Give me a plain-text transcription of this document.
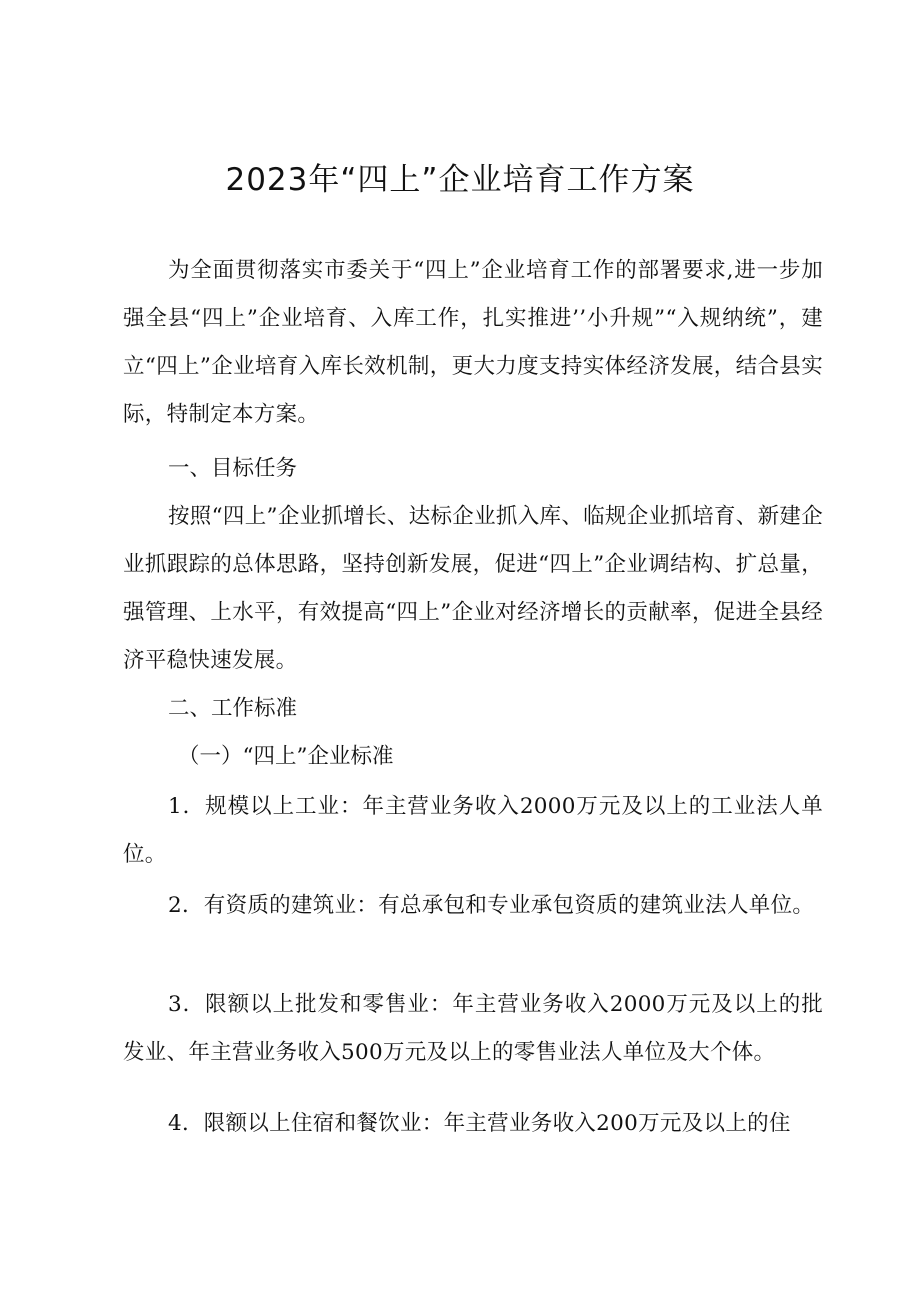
2023年“四上”企业培育工作方案
为全面贯彻落实市委关于“四上”企业培育工作的部署要求,进一步加强全县“四上”企业培育、入库工作，扎实推进’’小升规”“入规纳统”，建立“四上”企业培育入库长效机制，更大力度支持实体经济发展，结合县实际，特制定本方案。
一、目标任务
按照“四上”企业抓增长、达标企业抓入库、临规企业抓培育、新建企业抓跟踪的总体思路，坚持创新发展，促进“四上”企业调结构、扩总量，强管理、上水平，有效提高“四上”企业对经济增长的贡献率，促进全县经济平稳快速发展。
二、工作标准
（一）“四上”企业标准
1．规模以上工业：年主营业务收入2000万元及以上的工业法人单位。
2．有资质的建筑业：有总承包和专业承包资质的建筑业法人单位。
3．限额以上批发和零售业：年主营业务收入2000万元及以上的批发业、年主营业务收入500万元及以上的零售业法人单位及大个体。
4．限额以上住宿和餐饮业：年主营业务收入200万元及以上的住
